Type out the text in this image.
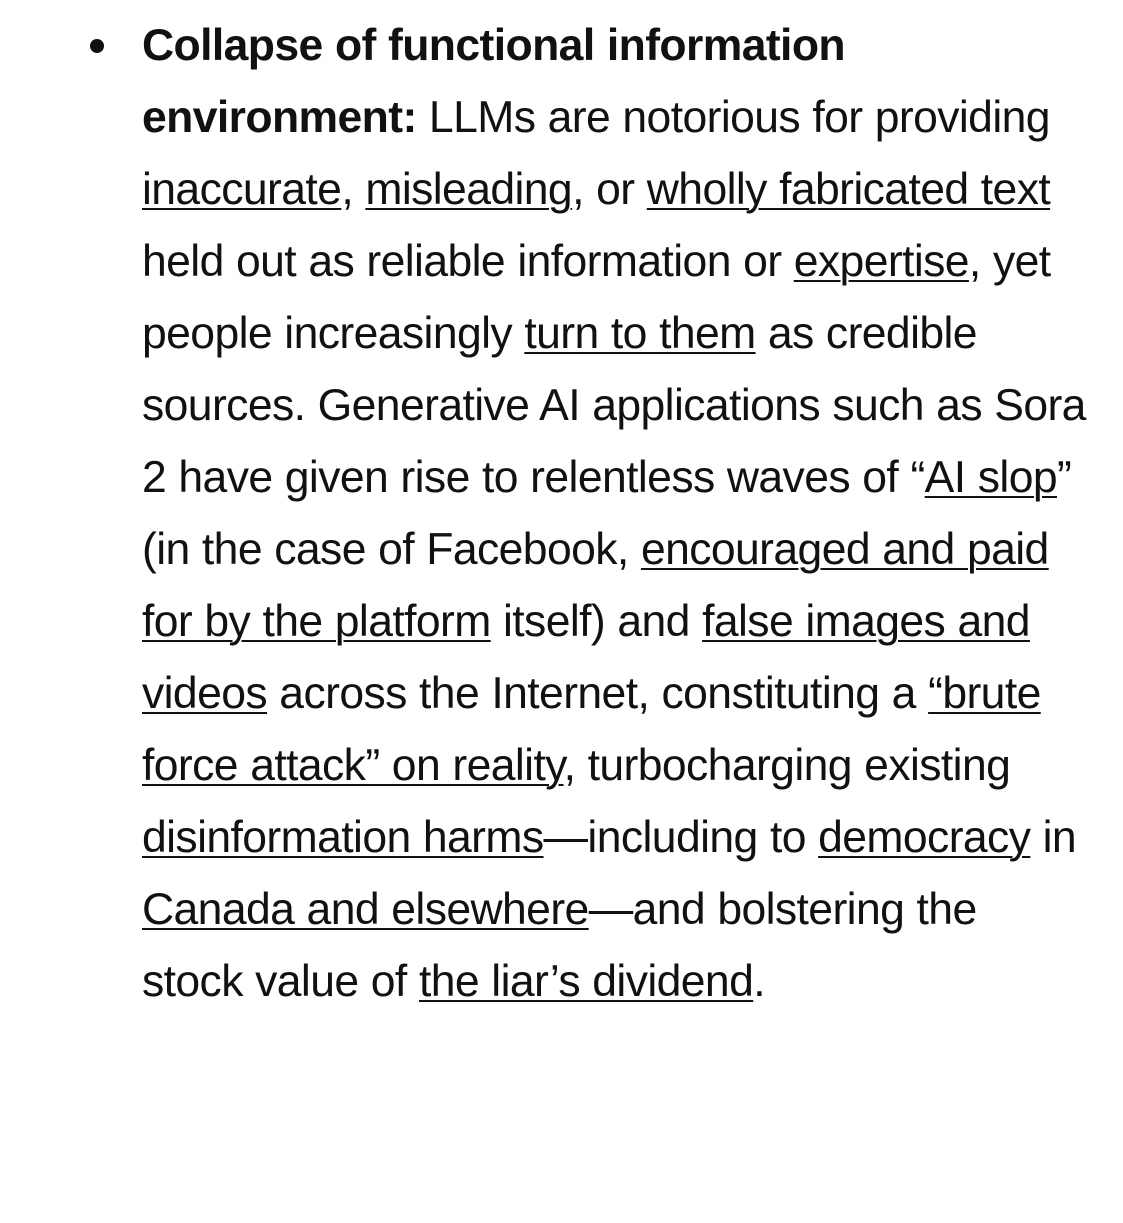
Collapse of functional information environment: LLMs are notorious for providing inaccurate, misleading, or wholly fabricated text held out as reliable information or expertise, yet people increasingly turn to them as credible sources. Generative AI applications such as Sora 2 have given rise to relentless waves of “AI slop” (in the case of Facebook, encouraged and paid for by the platform itself) and false images and videos across the Internet, constituting a “brute force attack” on reality, turbocharging existing disinformation harms—including to democracy in Canada and elsewhere—and bolstering the stock value of the liar’s dividend.
